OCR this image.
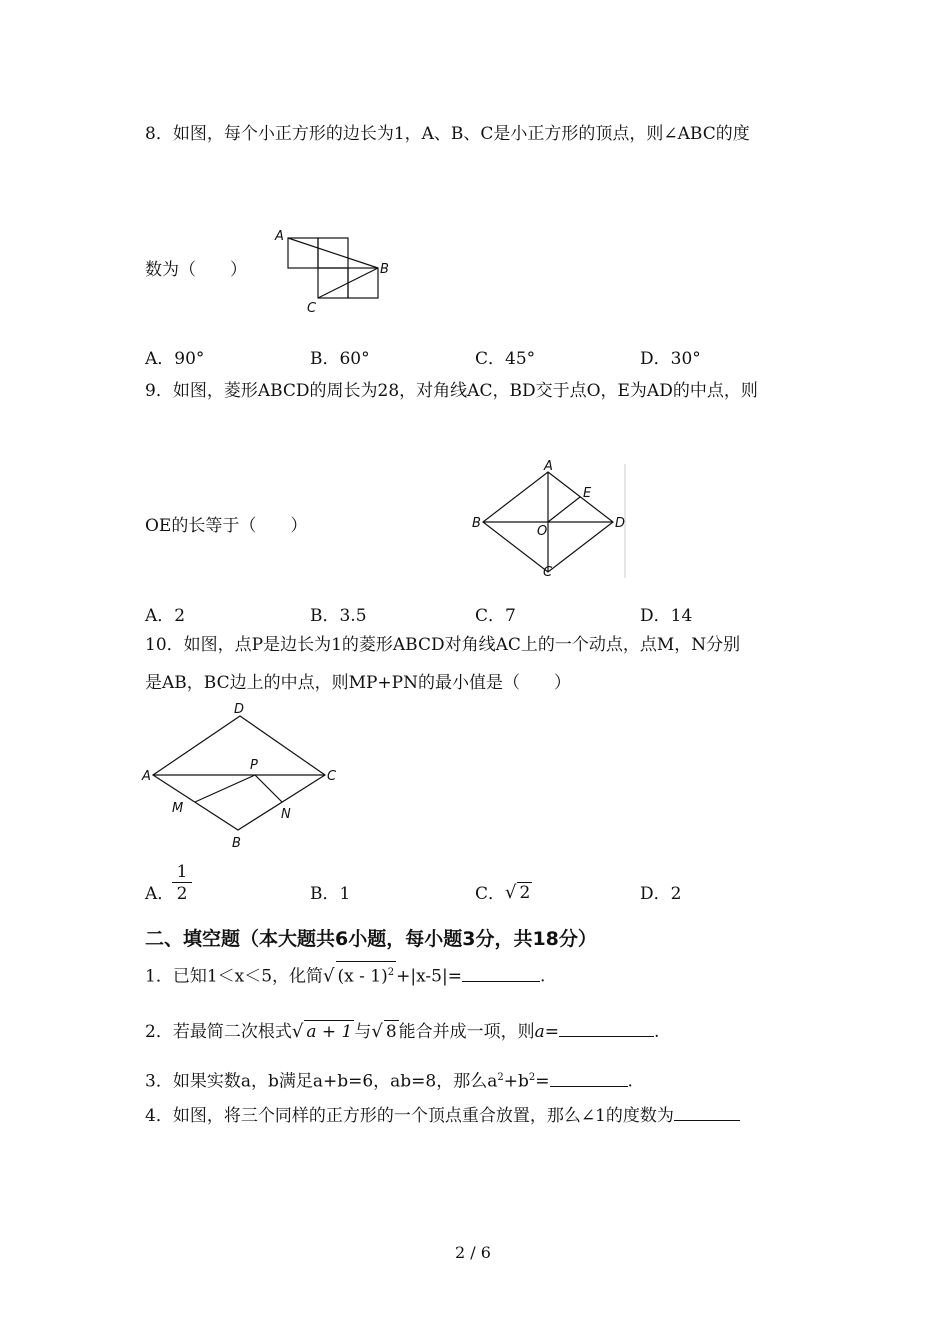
8．如图，每个小正方形的边长为1，A、B、C是小正方形的顶点，则∠ABC的度
数为（　　）
A
B
C
A．90°	B．60°	C．45°	D．30°
9．如图，菱形ABCD的周长为28，对角线AC，BD交于点O，E为AD的中点，则
OE的长等于（　　）
A
B
C
D
E
O
A．2	B．3.5	C．7	D．14
10．如图，点P是边长为1的菱形ABCD对角线AC上的一个动点，点M，N分别
是AB，BC边上的中点，则MP+PN的最小值是（　　）
D
A	C
P
M	N
B
A．
$\frac{1}{2}$	B．1	C． √ 2	D．2
二、填空题（本大题共6小题，每小题3分，共18分）
1．已知1＜x＜5，化简√ (x - 1)$^2$ +|x-5|=	.
2．若最简二次根式√ a + 1 与√ 8 能合并成一项，则a=	.
3．如果实数a，b满足a+b=6，ab=8，那么$a^2+b^2=$	.
4．如图，将三个同样的正方形的一个顶点重合放置，那么∠1的度数为
2 / 6
